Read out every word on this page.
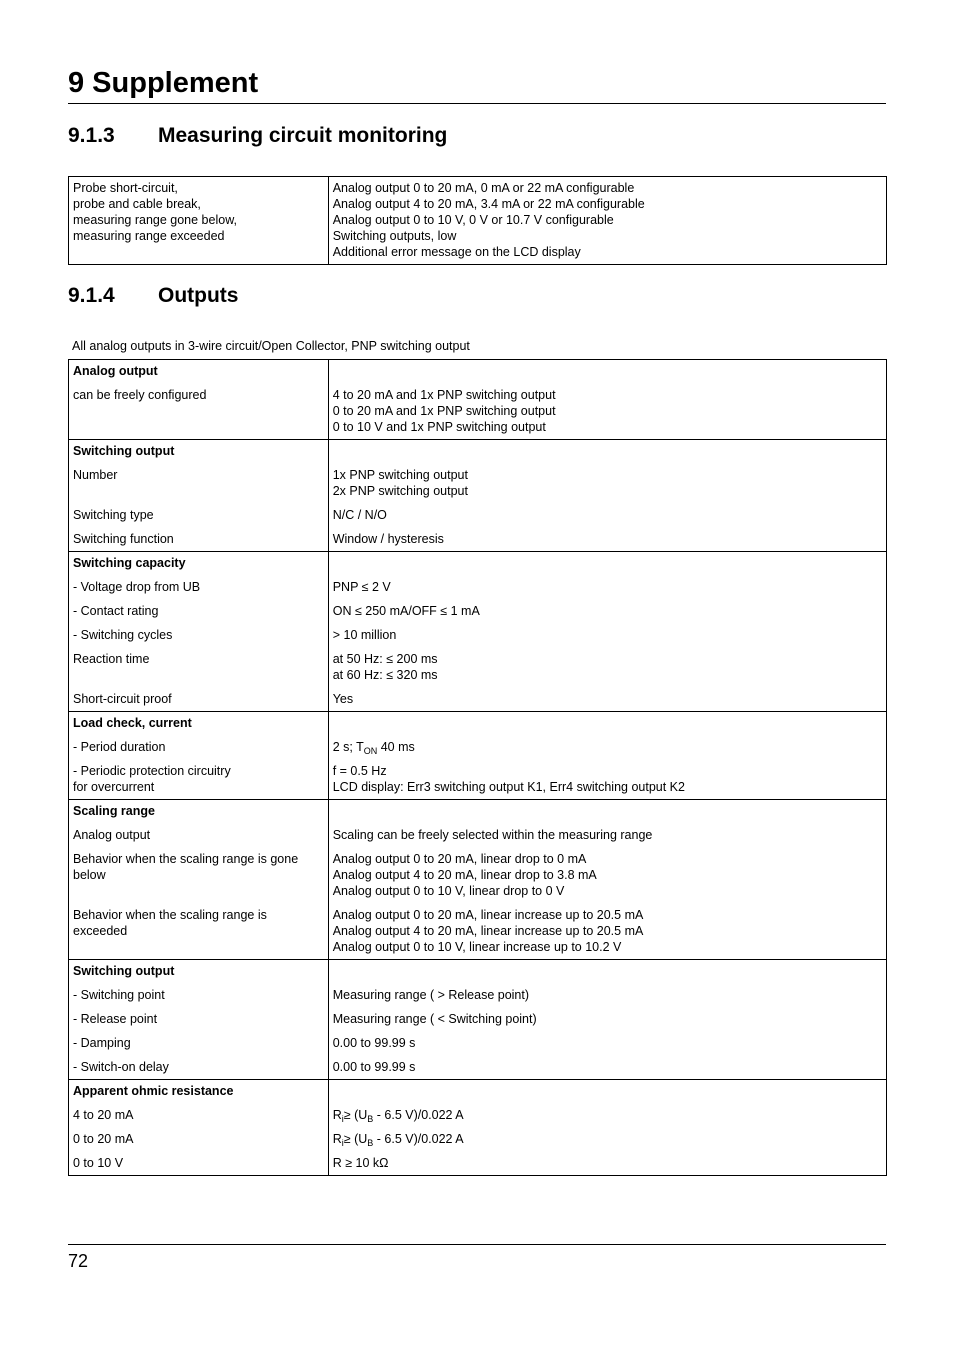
9 Supplement
9.1.3 Measuring circuit monitoring
Probe short-circuit,
probe and cable break,
measuring range gone below,
measuring range exceeded

Analog output 0 to 20 mA, 0 mA or 22 mA configurable
Analog output 4 to 20 mA, 3.4 mA or 22 mA configurable
Analog output 0 to 10 V, 0 V or 10.7 V configurable
Switching outputs, low
Additional error message on the LCD display
9.1.4 Outputs
All analog outputs in 3-wire circuit/Open Collector, PNP switching output
Analog output	

can be freely configured	4 to 20 mA and 1x PNP switching output
0 to 20 mA and 1x PNP switching output
0 to 10 V and 1x PNP switching output

Switching output	

Number	1x PNP switching output
2x PNP switching output

Switching type	N/C / N/O
Switching function	Window / hysteresis
Switching capacity	
- Voltage drop from UB	PNP ≤ 2 V
- Contact rating	ON ≤ 250 mA/OFF ≤ 1 mA
- Switching cycles	> 10 million
Reaction time	at 50 Hz: ≤ 200 ms
at 60 Hz: ≤ 320 ms

Short-circuit proof	Yes
Load check, current	
- Period duration	2 s; $T_{ON}$ 40 ms

- Periodic protection circuitry
for overcurrent	f = 0.5 Hz
LCD display: Err3 switching output K1, Err4 switching output K2

Scaling range	
Analog output	Scaling can be freely selected within the measuring range

Behavior when the scaling range is gone
below	Analog output 0 to 20 mA, linear drop to 0 mA
Analog output 4 to 20 mA, linear drop to 3.8 mA
Analog output 0 to 10 V, linear drop to 0 V

Behavior when the scaling range is
exceeded	Analog output 0 to 20 mA, linear increase up to 20.5 mA
Analog output 4 to 20 mA, linear increase up to 20.5 mA
Analog output 0 to 10 V, linear increase up to 10.2 V

Switching output	
- Switching point	Measuring range ( > Release point)
- Release point	Measuring range ( < Switching point)
- Damping	0.00 to 99.99 s
- Switch-on delay	0.00 to 99.99 s
Apparent ohmic resistance	
4 to 20 mA	$R_i\ge (U_B - 6.5$ V)/0.022 A
0 to 20 mA	$R_i\ge (U_B - 6.5$ V)/0.022 A
0 to 10 V	R ≥ 10 kΩ
72
